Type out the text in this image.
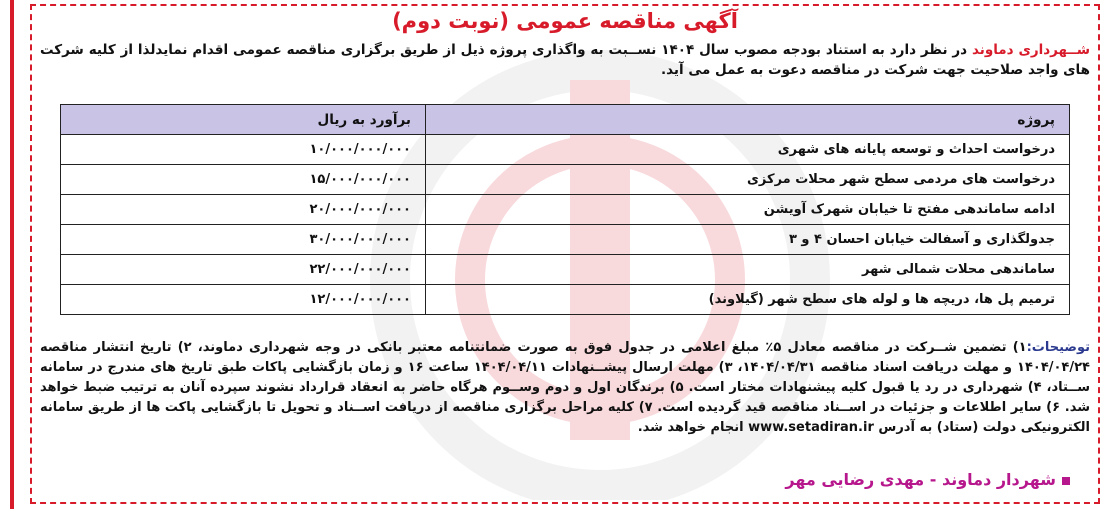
آگهی مناقصه عمومی (نوبت دوم)
شــهرداری دماوند در نظر دارد به استناد بودجه مصوب سال ۱۴۰۴ نســبت به واگذاری پروژه ذیل از طریق برگزاری مناقصه عمومی اقدام نمایدلذا از کلیه شرکت های واجد صلاحیت جهت شرکت در مناقصه دعوت به عمل می آید.
پروژه	برآورد به ریال
درخواست احداث و توسعه پایانه های شهری	۱۰/۰۰۰/۰۰۰/۰۰۰
درخواست های مردمی سطح شهر محلات مرکزی	۱۵/۰۰۰/۰۰۰/۰۰۰
ادامه ساماندهی مفتح تا خیابان شهرک آویشن	۲۰/۰۰۰/۰۰۰/۰۰۰
جدولگذاری و آسفالت خیابان احسان ۴ و ۳	۳۰/۰۰۰/۰۰۰/۰۰۰
ساماندهی محلات شمالی شهر	۲۲/۰۰۰/۰۰۰/۰۰۰
ترمیم پل ها، دریچه ها و لوله های سطح شهر (گیلاوند)	۱۲/۰۰۰/۰۰۰/۰۰۰
توضیحات:۱) تضمین شــرکت در مناقصه معادل ۵٪ مبلغ اعلامی در جدول فوق به صورت ضمانتنامه معتبر بانکی در وجه شهرداری دماوند، ۲) تاریخ انتشار مناقصه ۱۴۰۴/۰۴/۲۴ و مهلت دریافت اسناد مناقصه ۱۴۰۴/۰۴/۳۱، ۳) مهلت ارسال پیشــنهادات ۱۴۰۴/۰۴/۱۱ ساعت ۱۶ و زمان بازگشایی پاکات طبق تاریخ های مندرج در سامانه ســتاد، ۴) شهرداری در رد یا قبول کلیه پیشنهادات مختار است. ۵) برندگان اول و دوم وســوم هرگاه حاضر به انعقاد قرارداد نشوند سپرده آنان به ترتیب ضبط خواهد شد. ۶) سایر اطلاعات و جزئیات در اســناد مناقصه قید گردیده است. ۷) کلیه مراحل برگزاری مناقصه از دریافت اســناد و تحویل تا بازگشایی پاکت ها از طریق سامانه الکترونیکی دولت (ستاد) به آدرس www.setadiran.ir انجام خواهد شد.
شهردار دماوند - مهدی رضایی مهر
